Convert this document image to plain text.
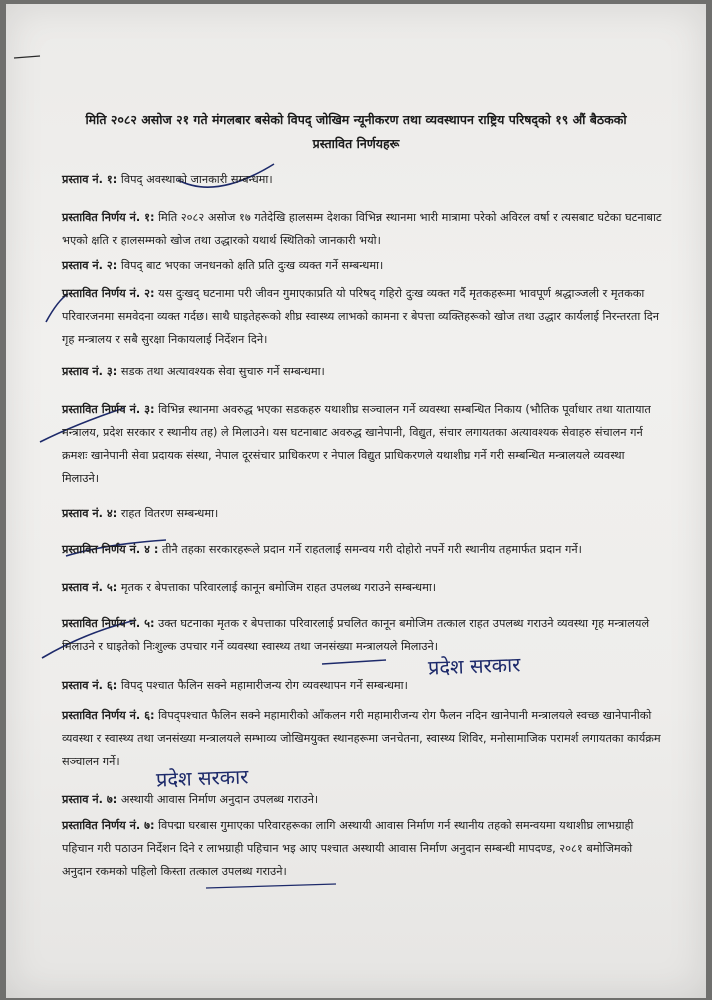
मिति २०८२ असोज २१ गते मंगलबार बसेको विपद् जोखिम न्यूनीकरण तथा व्यवस्थापन राष्ट्रिय परिषद्को १९ औं बैठकको प्रस्तावित निर्णयहरू
प्रस्ताव नं. १: विपद् अवस्थाको जानकारी सम्बन्धमा।
प्रस्तावित निर्णय नं. १: मिति २०८२ असोज १७ गतेदेखि हालसम्म देशका विभिन्न स्थानमा भारी मात्रामा परेको अविरल वर्षा र त्यसबाट घटेका घटनाबाट भएको क्षति र हालसम्मको खोज तथा उद्धारको यथार्थ स्थितिको जानकारी भयो।
प्रस्ताव नं. २: विपद् बाट भएका जनधनको क्षति प्रति दुःख व्यक्त गर्ने सम्बन्धमा।
प्रस्तावित निर्णय नं. २: यस दुःखद् घटनामा परी जीवन गुमाएकाप्रति यो परिषद् गहिरो दुःख व्यक्त गर्दै मृतकहरूमा भावपूर्ण श्रद्धाञ्जली र मृतकका परिवारजनमा समवेदना व्यक्त गर्दछ। साथै घाइतेहरूको शीघ्र स्वास्थ्य लाभको कामना र बेपत्ता व्यक्तिहरूको खोज तथा उद्धार कार्यलाई निरन्तरता दिन गृह मन्त्रालय र सबै सुरक्षा निकायलाई निर्देशन दिने।
प्रस्ताव नं. ३: सडक तथा अत्यावश्यक सेवा सुचारु गर्ने सम्बन्धमा।
प्रस्तावित निर्णय नं. ३: विभिन्न स्थानमा अवरुद्ध भएका सडकहरु यथाशीघ्र सञ्चालन गर्ने व्यवस्था सम्बन्धित निकाय (भौतिक पूर्वाधार तथा यातायात मन्त्रालय, प्रदेश सरकार र स्थानीय तह) ले मिलाउने। यस घटनाबाट अवरुद्ध खानेपानी, विद्युत, संचार लगायतका अत्यावश्यक सेवाहरु संचालन गर्न क्रमशः खानेपानी सेवा प्रदायक संस्था, नेपाल दूरसंचार प्राधिकरण र नेपाल विद्युत प्राधिकरणले यथाशीघ्र गर्ने गरी सम्बन्धित मन्त्रालयले व्यवस्था मिलाउने।
प्रस्ताव नं. ४: राहत वितरण सम्बन्धमा।
प्रस्तावित निर्णय नं. ४ : तीनै तहका सरकारहरूले प्रदान गर्ने राहतलाई समन्वय गरी दोहोरो नपर्ने गरी स्थानीय तहमार्फत प्रदान गर्ने।
प्रस्ताव नं. ५: मृतक र बेपत्ताका परिवारलाई कानून बमोजिम राहत उपलब्ध गराउने सम्बन्धमा।
प्रस्तावित निर्णय नं. ५: उक्त घटनाका मृतक र बेपत्ताका परिवारलाई प्रचलित कानून बमोजिम तत्काल राहत उपलब्ध गराउने व्यवस्था गृह मन्त्रालयले मिलाउने र घाइतेको निःशुल्क उपचार गर्ने व्यवस्था स्वास्थ्य तथा जनसंख्या मन्त्रालयले मिलाउने।
प्रदेश सरकार
प्रस्ताव नं. ६: विपद् पश्चात फैलिन सक्ने महामारीजन्य रोग व्यवस्थापन गर्ने सम्बन्धमा।
प्रस्तावित निर्णय नं. ६: विपद्पश्चात फैलिन सक्ने महामारीको आँकलन गरी महामारीजन्य रोग फैलन नदिन खानेपानी मन्त्रालयले स्वच्छ खानेपानीको व्यवस्था र स्वास्थ्य तथा जनसंख्या मन्त्रालयले सम्भाव्य जोखिमयुक्त स्थानहरूमा जनचेतना, स्वास्थ्य शिविर, मनोसामाजिक परामर्श लगायतका कार्यक्रम सञ्चालन गर्ने।
प्रदेश सरकार
प्रस्ताव नं. ७: अस्थायी आवास निर्माण अनुदान उपलब्ध गराउने।
प्रस्तावित निर्णय नं. ७: विपद्मा घरबास गुमाएका परिवारहरूका लागि अस्थायी आवास निर्माण गर्न स्थानीय तहको समन्वयमा यथाशीघ्र लाभग्राही पहिचान गरी पठाउन निर्देशन दिने र लाभग्राही पहिचान भइ आए पश्चात अस्थायी आवास निर्माण अनुदान सम्बन्धी मापदण्ड, २०८१ बमोजिमको अनुदान रकमको पहिलो किस्ता तत्काल उपलब्ध गराउने।
